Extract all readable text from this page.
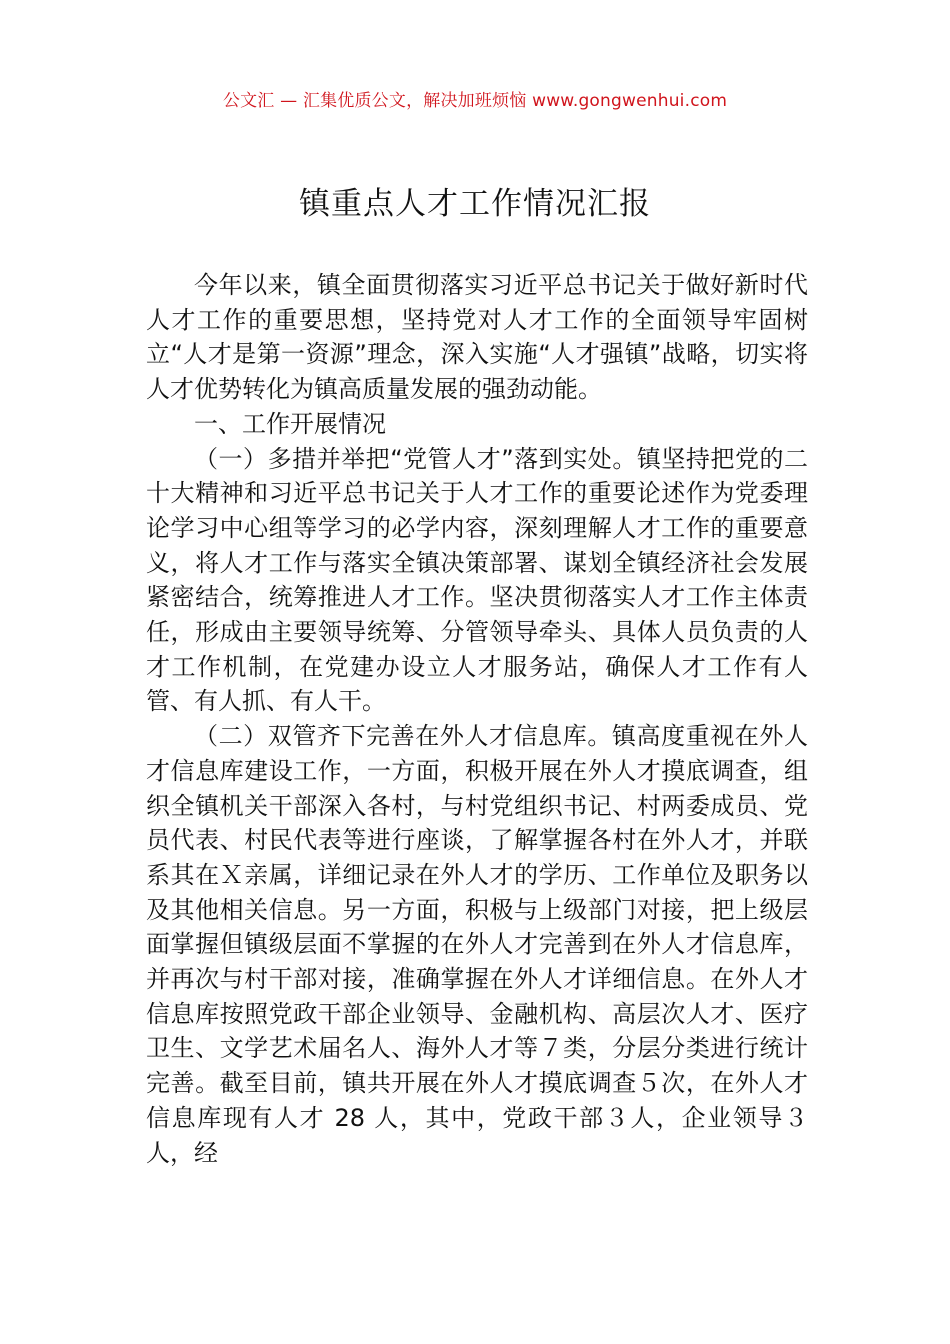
公文汇 — 汇集优质公文，解决加班烦恼 www.gongwenhui.com
镇重点人才工作情况汇报

今年以来，镇全面贯彻落实习近平总书记关于做好新时代人才工作的重要思想，坚持党对人才工作的全面领导牢固树立“人才是第一资源”理念，深入实施“人才强镇”战略，切实将人才优势转化为镇高质量发展的强劲动能。

一、工作开展情况

（一）多措并举把“党管人才”落到实处。镇坚持把党的二十大精神和习近平总书记关于人才工作的重要论述作为党委理论学习中心组等学习的必学内容，深刻理解人才工作的重要意义，将人才工作与落实全镇决策部署、谋划全镇经济社会发展紧密结合，统筹推进人才工作。坚决贯彻落实人才工作主体责任，形成由主要领导统筹、分管领导牵头、具体人员负责的人才工作机制，在党建办设立人才服务站，确保人才工作有人管、有人抓、有人干。

（二）双管齐下完善在外人才信息库。镇高度重视在外人才信息库建设工作，一方面，积极开展在外人才摸底调查，组织全镇机关干部深入各村，与村党组织书记、村两委成员、党员代表、村民代表等进行座谈，了解掌握各村在外人才，并联系其在Ｘ亲属，详细记录在外人才的学历、工作单位及职务以及其他相关信息。另一方面，积极与上级部门对接，把上级层面掌握但镇级层面不掌握的在外人才完善到在外人才信息库，并再次与村干部对接，准确掌握在外人才详细信息。在外人才信息库按照党政干部企业领导、金融机构、高层次人才、医疗卫生、文学艺术届名人、海外人才等７类，分层分类进行统计完善。截至目前，镇共开展在外人才摸底调查５次，在外人才信息库现有人才 28 人，其中，党政干部３人，企业领导３人，经
